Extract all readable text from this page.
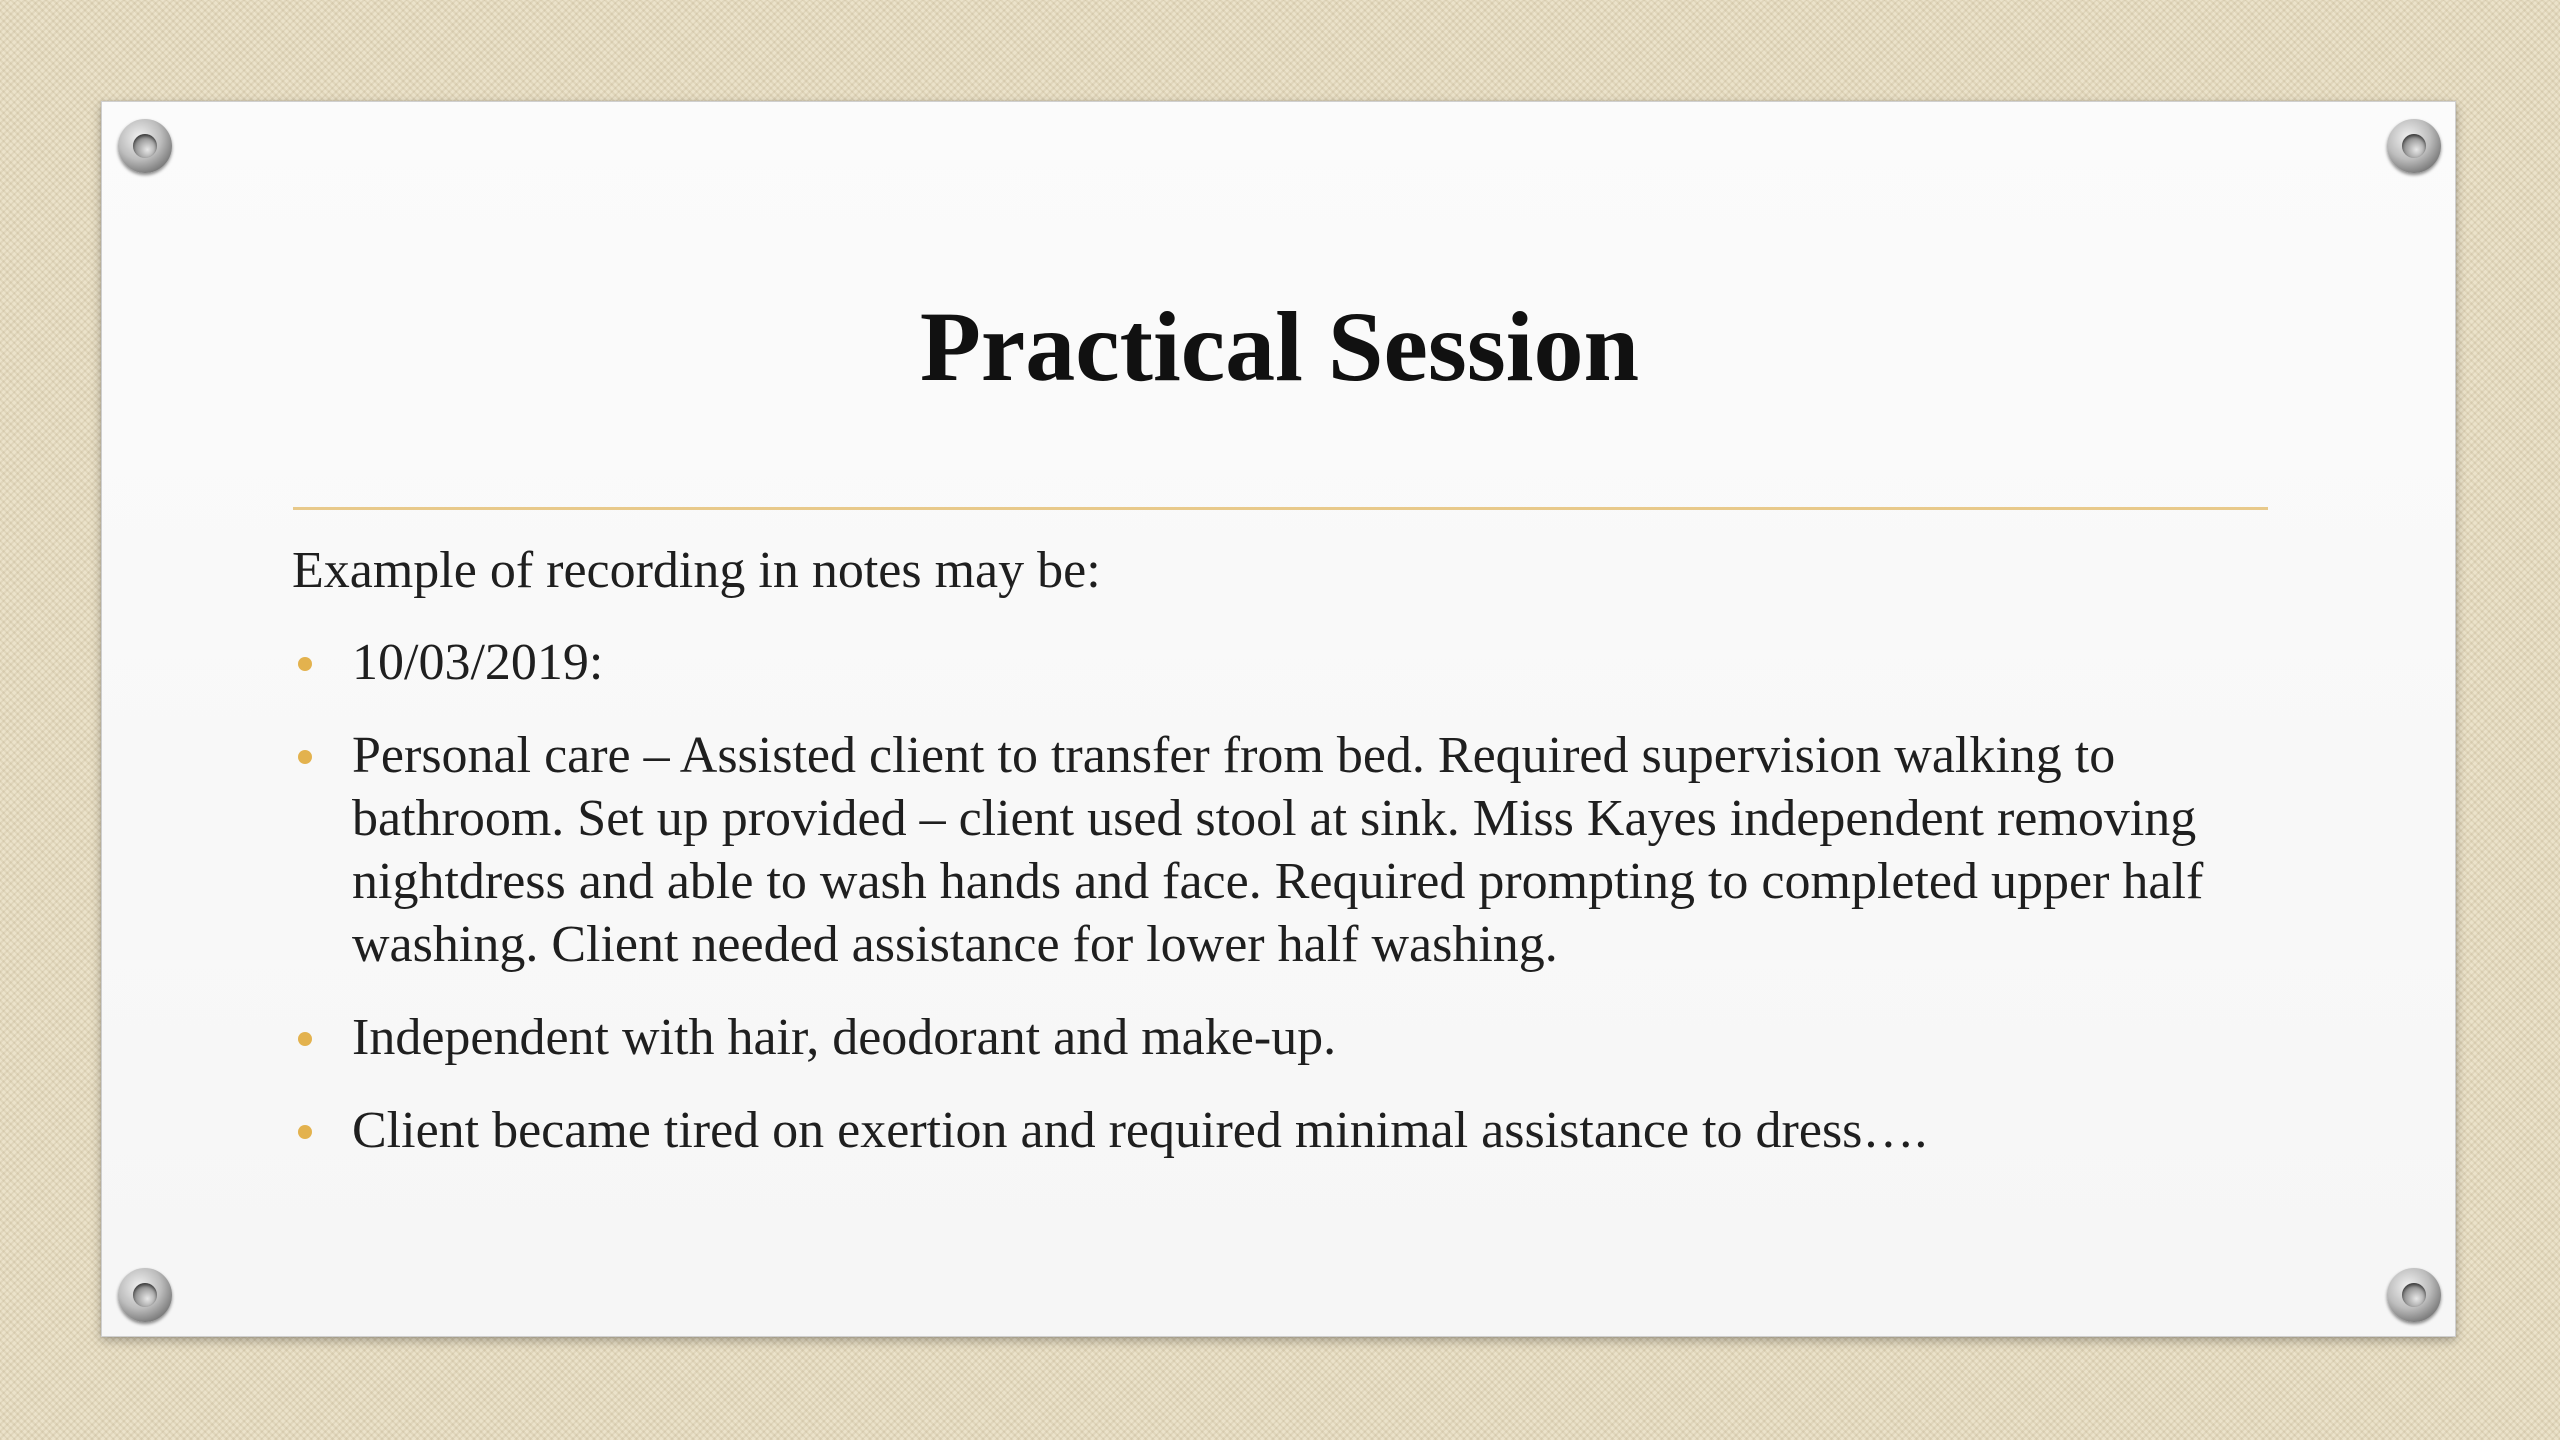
Practical Session

Example of recording in notes may be:

10/03/2019:
Personal care – Assisted client to transfer from bed. Required supervision walking to bathroom. Set up provided – client used stool at sink. Miss Kayes independent removing nightdress and able to wash hands and face. Required prompting to completed upper half washing. Client needed assistance for lower half washing.
Independent with hair, deodorant and make-up.
Client became tired on exertion and required minimal assistance to dress….
